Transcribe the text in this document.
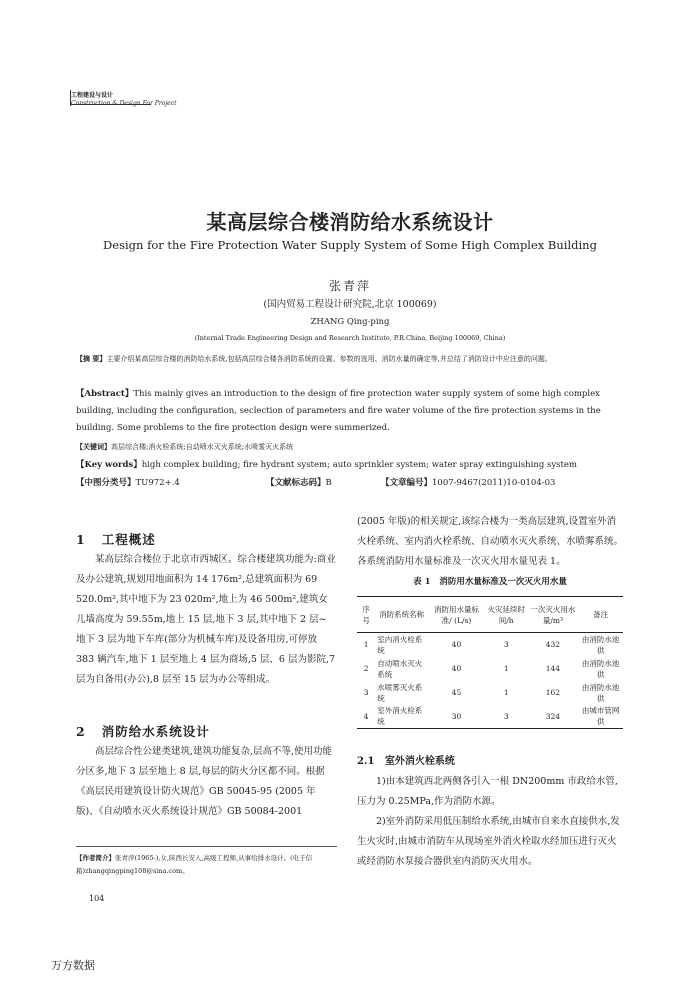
工程建设与设计
Construction & Design For Project
某高层综合楼消防给水系统设计
Design for the Fire Protection Water Supply System of Some High Complex Building
张青萍
(国内贸易工程设计研究院,北京 100069)
ZHANG Qing-ping
(Internal Trade Engineering Design and Research Institute, P.R.China, Beijing 100069, China)
【摘 要】主要介绍某高层综合楼的消防给水系统,包括高层综合楼各消防系统的设置、参数的选用、消防水量的确定等,并总结了消防设计中应注意的问题。
【Abstract】This mainly gives an introduction to the design of fire protection water supply system of some high complex building, including the configuration, seclection of parameters and fire water volume of the fire protection systems in the building. Some problems to the fire protection design were summerized.
【关键词】高层综合楼;消火栓系统;自动喷水灭火系统;水喷雾灭火系统
【Key words】high complex building; fire hydrant system; auto sprinkler system; water spray extinguishing system
【中图分类号】TU972+.4	【文献标志码】B	【文章编号】1007-9467(2011)10-0104-03
1 工程概述
某高层综合楼位于北京市西城区。综合楼建筑功能为:商业及办公建筑,规划用地面积为 14 176m²,总建筑面积为 69 520.0m²,其中地下为 23 020m²,地上为 46 500m²,建筑女儿墙高度为 59.55m,地上 15 层,地下 3 层,其中地下 2 层~地下 3 层为地下车库(部分为机械车库)及设备用房,可停放 383 辆汽车,地下 1 层至地上 4 层为商场,5 层、6 层为影院,7 层为自备用(办公),8 层至 15 层为办公等组成。
2 消防给水系统设计
高层综合性公建类建筑,建筑功能复杂,层高不等,使用功能分区多,地下 3 层至地上 8 层,每层的防火分区都不同。根据《高层民用建筑设计防火规范》GB 50045-95 (2005 年版)、《自动喷水灭火系统设计规范》GB 50084-2001
【作者简介】张青萍(1965-),女,陕西长安人,高级工程师,从事给排水设计。(电子信箱)zhangqingping108@sina.com。
104
(2005 年版)的相关规定,该综合楼为一类高层建筑,设置室外消火栓系统、室内消火栓系统、自动喷水灭火系统、水喷雾系统。各系统消防用水量标准及一次灭火用水量见表 1。
表 1 消防用水量标准及一次灭火用水量
序号	消防系统名称	消防用水量标准/ (L/s)	火灾延续时间/h	一次灭火用水量/m³	备注
1	室内消火栓系统	40	3	432	由消防水池供
2	自动喷水灭火系统	40	1	144	由消防水池供
3	水喷雾灭火系统	45	1	162	由消防水池供
4	室外消火栓系统	30	3	324	由城市管网供
2.1 室外消火栓系统
1)由本建筑西北两侧各引入一根 DN200mm 市政给水管,压力为 0.25MPa,作为消防水源。
2)室外消防采用低压制给水系统,由城市自来水直接供水,发生火灾时,由城市消防车从现场室外消火栓取水经加压进行灭火或经消防水泵接合器供室内消防灭火用水。
万方数据
